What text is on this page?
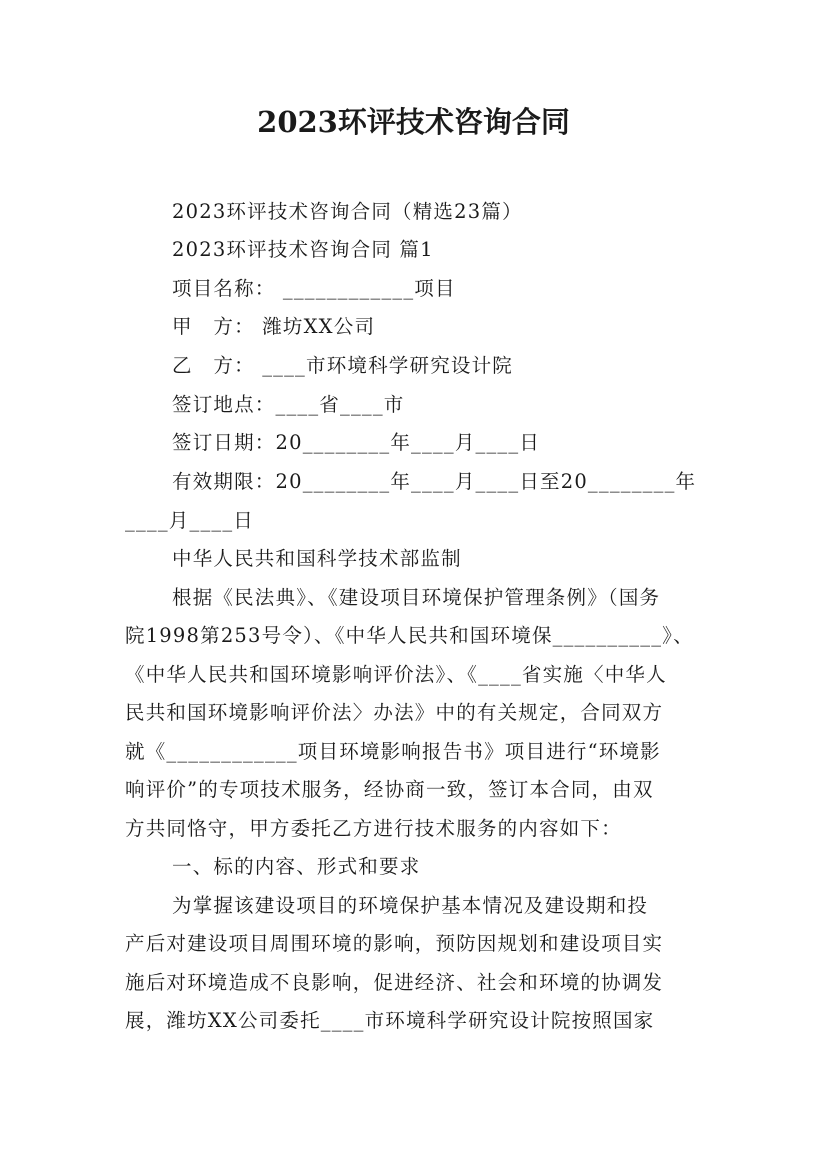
2023环评技术咨询合同
2023环评技术咨询合同（精选23篇）
2023环评技术咨询合同 篇1
项目名称： ____________项目
甲　方： 潍坊XX公司
乙　方： ____市环境科学研究设计院
签订地点：____省____市
签订日期：20________年____月____日
有效期限：20________年____月____日至20________年
____月____日
中华人民共和国科学技术部监制
根据《民法典》、《建设项目环境保护管理条例》（国务
院1998第253号令）、《中华人民共和国环境保__________》、
《中华人民共和国环境影响评价法》、《____省实施〈中华人
民共和国环境影响评价法〉办法》中的有关规定，合同双方
就《____________项目环境影响报告书》项目进行“环境影
响评价”的专项技术服务，经协商一致，签订本合同，由双
方共同恪守，甲方委托乙方进行技术服务的内容如下：
一、标的内容、形式和要求
为掌握该建设项目的环境保护基本情况及建设期和投
产后对建设项目周围环境的影响，预防因规划和建设项目实
施后对环境造成不良影响，促进经济、社会和环境的协调发
展，潍坊XX公司委托____市环境科学研究设计院按照国家
